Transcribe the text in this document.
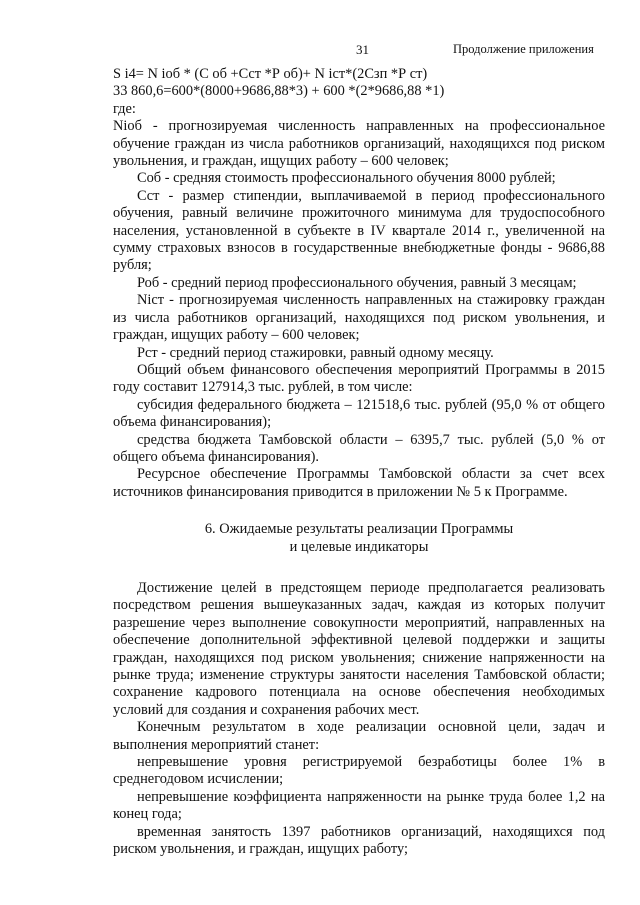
31	Продолжение приложения

S i4= N iоб * (С об +Сст *Р об)+ N iст*(2Сзп *Р ст)

33 860,6=600*(8000+9686,88*3) + 600 *(2*9686,88 *1)

где:

Niоб - прогнозируемая численность направленных на профессиональное обучение граждан из числа работников организаций, находящихся под риском увольнения, и граждан, ищущих работу – 600 человек;

Соб - средняя стоимость профессионального обучения 8000 рублей;

Сст - размер стипендии, выплачиваемой в период профессионального обучения, равный величине прожиточного минимума для трудоспособного населения, установленной в субъекте в IV квартале 2014 г., увеличенной на сумму страховых взносов в государственные внебюджетные фонды - 9686,88 рубля;

Роб - средний период профессионального обучения, равный 3 месяцам;

Niст - прогнозируемая численность направленных на стажировку граждан из числа работников организаций, находящихся под риском увольнения, и граждан, ищущих работу – 600 человек;

Рст - средний период стажировки, равный одному месяцу.

Общий объем финансового обеспечения мероприятий Программы в 2015 году составит 127914,3 тыс. рублей, в том числе:

субсидия федерального бюджета – 121518,6 тыс. рублей (95,0 % от общего объема финансирования);

средства бюджета Тамбовской области – 6395,7 тыс. рублей (5,0 % от общего объема финансирования).

Ресурсное обеспечение Программы Тамбовской области за счет всех источников финансирования приводится в приложении № 5 к Программе.

6. Ожидаемые результаты реализации Программы

и целевые индикаторы

Достижение целей в предстоящем периоде предполагается реализовать посредством решения вышеуказанных задач, каждая из которых получит разрешение через выполнение совокупности мероприятий, направленных на обеспечение дополнительной эффективной целевой поддержки и защиты граждан, находящихся под риском увольнения; снижение напряженности на рынке труда; изменение структуры занятости населения Тамбовской области; сохранение кадрового потенциала на основе обеспечения необходимых условий для создания и сохранения рабочих мест.

Конечным результатом в ходе реализации основной цели, задач и выполнения мероприятий станет:

непревышение уровня регистрируемой безработицы более 1% в среднегодовом исчислении;

непревышение коэффициента напряженности на рынке труда более 1,2 на конец года;

временная занятость 1397 работников организаций, находящихся под риском увольнения, и граждан, ищущих работу;
